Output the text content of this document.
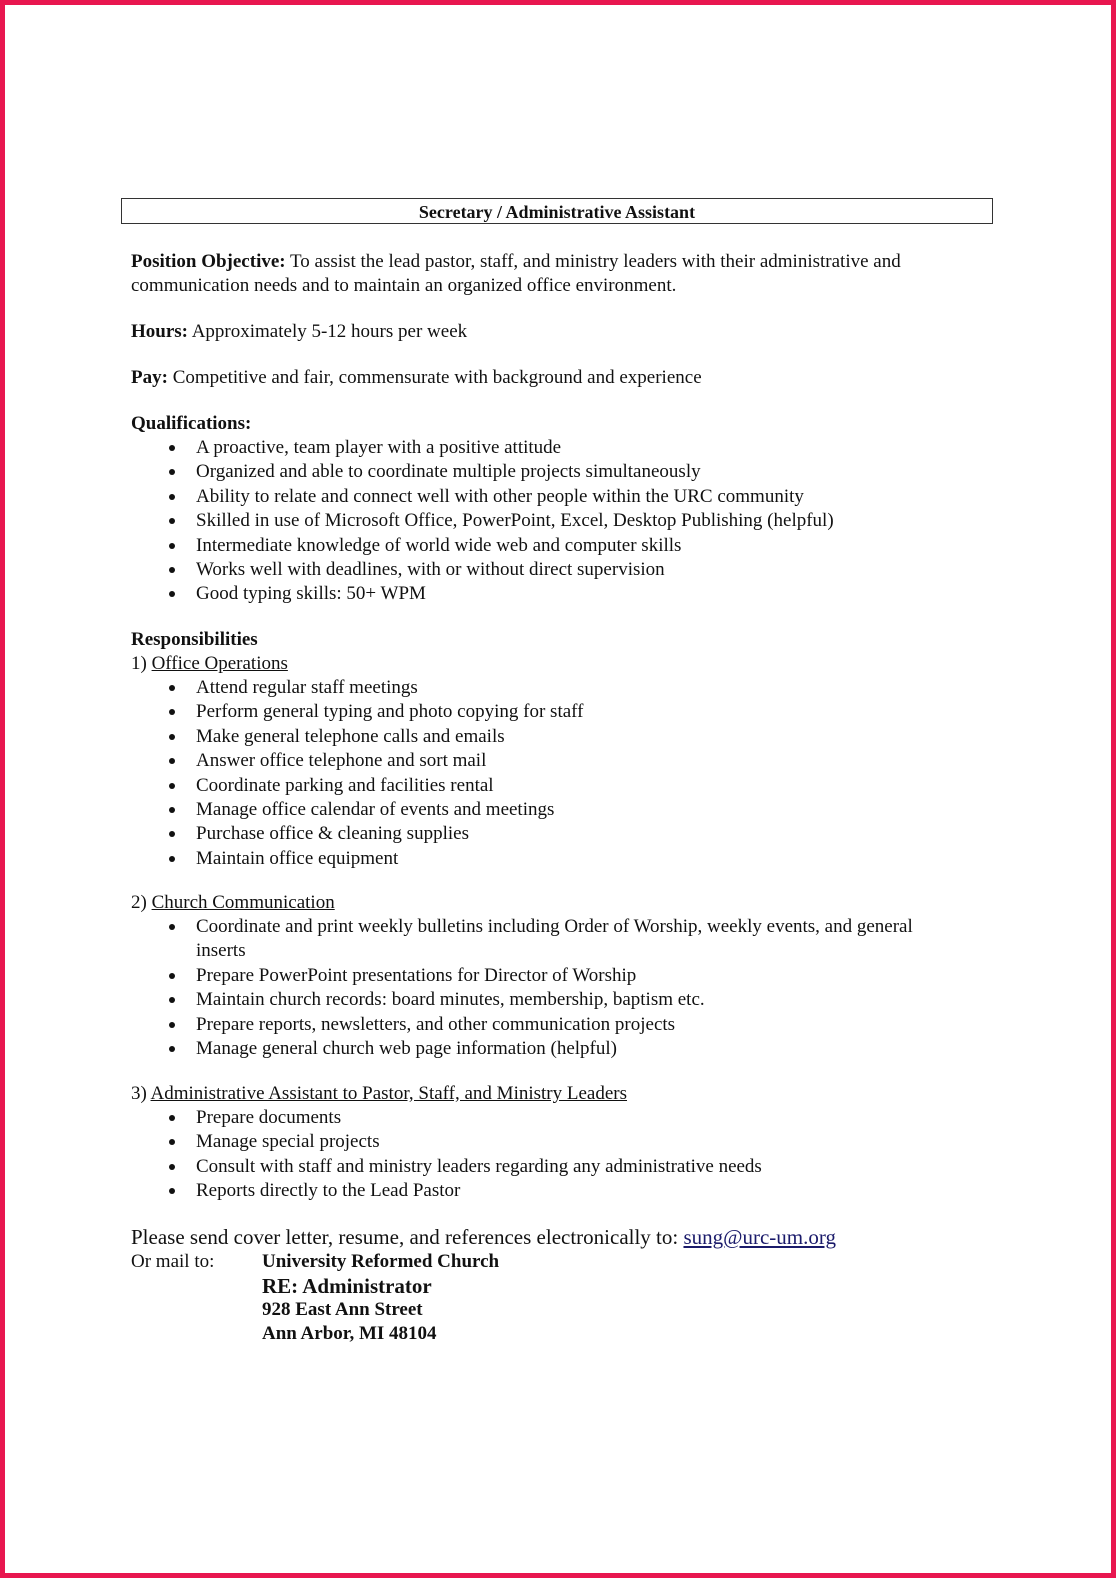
Secretary / Administrative Assistant
Position Objective: To assist the lead pastor, staff, and ministry leaders with their administrative and communication needs and to maintain an organized office environment.
Hours: Approximately 5-12 hours per week
Pay: Competitive and fair, commensurate with background and experience
Qualifications:
A proactive, team player with a positive attitude
Organized and able to coordinate multiple projects simultaneously
Ability to relate and connect well with other people within the URC community
Skilled in use of Microsoft Office, PowerPoint, Excel, Desktop Publishing (helpful)
Intermediate knowledge of world wide web and computer skills
Works well with deadlines, with or without direct supervision
Good typing skills: 50+ WPM
Responsibilities
1) Office Operations
Attend regular staff meetings
Perform general typing and photo copying for staff
Make general telephone calls and emails
Answer office telephone and sort mail
Coordinate parking and facilities rental
Manage office calendar of events and meetings
Purchase office & cleaning supplies
Maintain office equipment
2) Church Communication
Coordinate and print weekly bulletins including Order of Worship, weekly events, and general inserts
Prepare PowerPoint presentations for Director of Worship
Maintain church records: board minutes, membership, baptism etc.
Prepare reports, newsletters, and other communication projects
Manage general church web page information (helpful)
3) Administrative Assistant to Pastor, Staff, and Ministry Leaders
Prepare documents
Manage special projects
Consult with staff and ministry leaders regarding any administrative needs
Reports directly to the Lead Pastor
Please send cover letter, resume, and references electronically to: sung@urc-um.org
Or mail to:	University Reformed Church
RE: Administrator
928 East Ann Street
Ann Arbor, MI 48104
